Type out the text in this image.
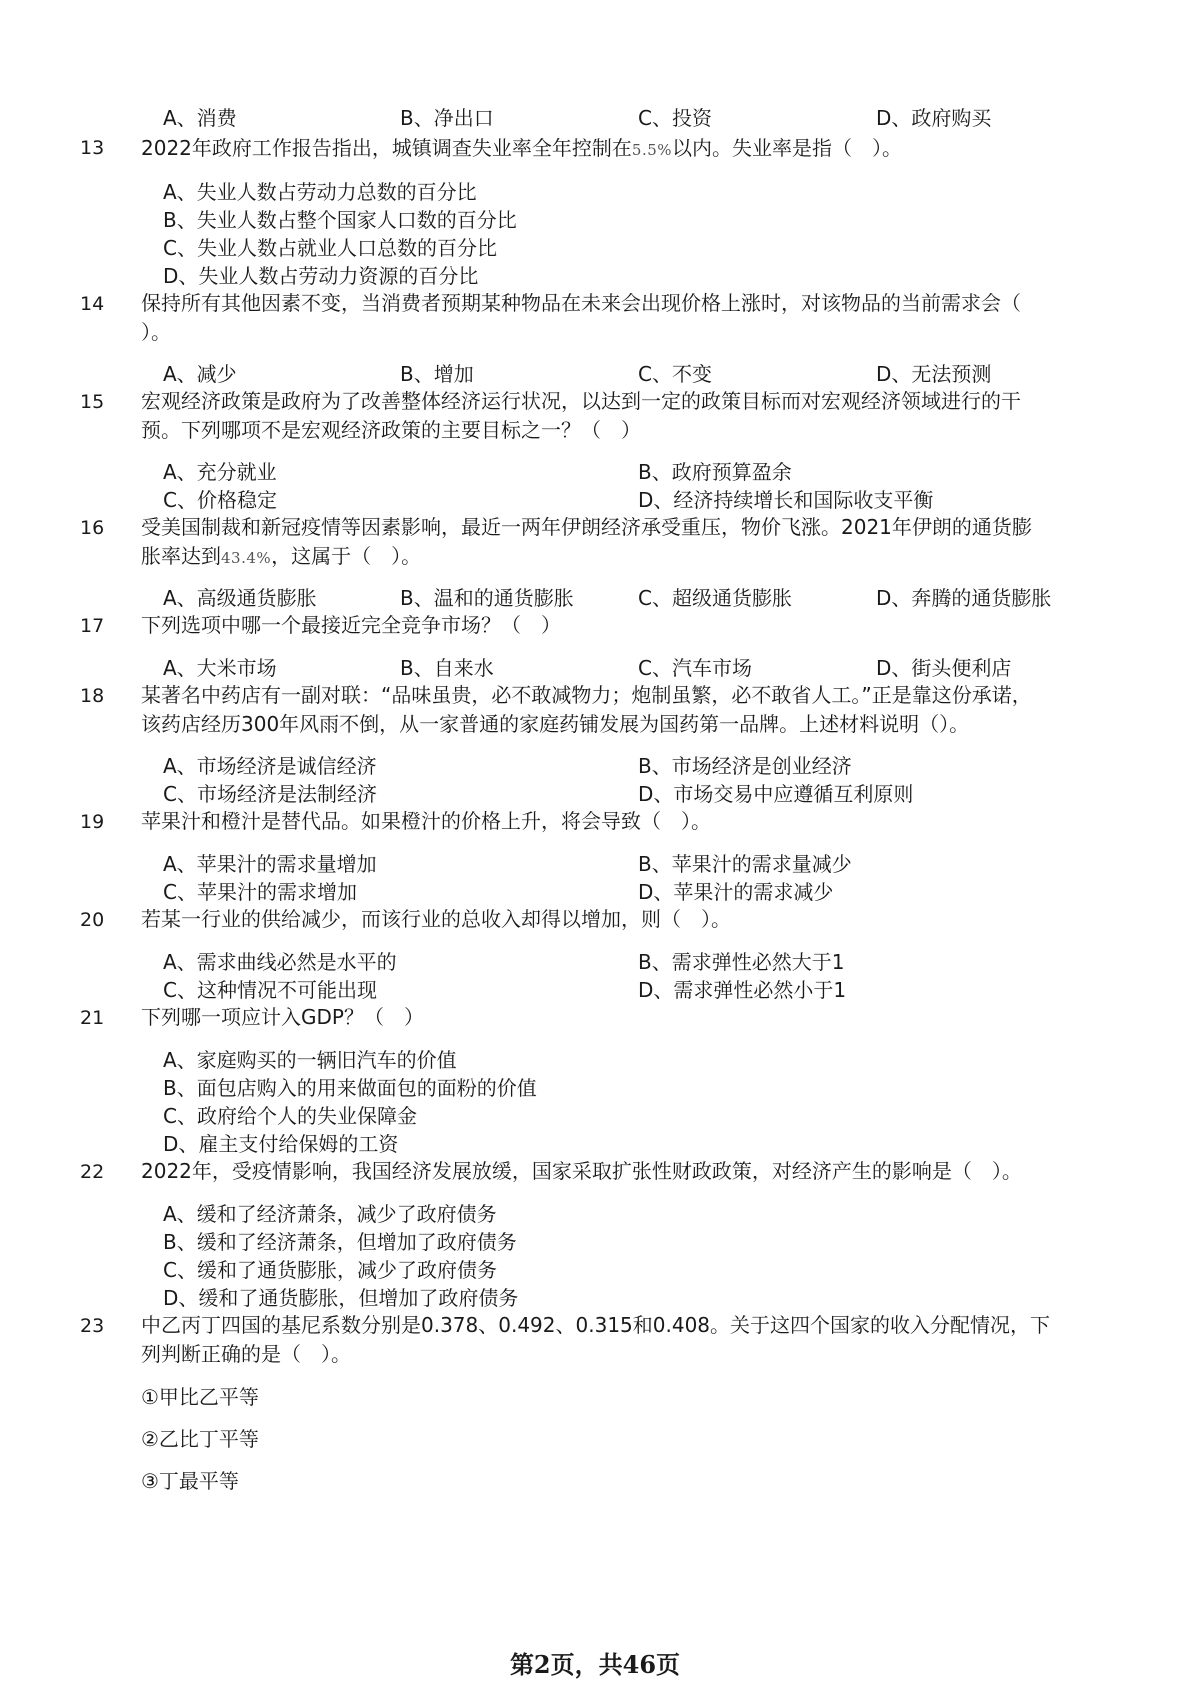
A、消费	B、净出口	C、投资	D、政府购买
13 2022年政府工作报告指出，城镇调查失业率全年控制在5.5%以内。失业率是指（　）。
A、失业人数占劳动力总数的百分比
B、失业人数占整个国家人口数的百分比
C、失业人数占就业人口总数的百分比
D、失业人数占劳动力资源的百分比
14 保持所有其他因素不变，当消费者预期某种物品在未来会出现价格上涨时，对该物品的当前需求会（
）。
A、减少	B、增加	C、不变	D、无法预测
15 宏观经济政策是政府为了改善整体经济运行状况，以达到一定的政策目标而对宏观经济领域进行的干
预。下列哪项不是宏观经济政策的主要目标之一？（　）
A、充分就业	B、政府预算盈余
C、价格稳定	D、经济持续增长和国际收支平衡
16 受美国制裁和新冠疫情等因素影响，最近一两年伊朗经济承受重压，物价飞涨。2021年伊朗的通货膨
胀率达到43.4%，这属于（　）。
A、高级通货膨胀	B、温和的通货膨胀	C、超级通货膨胀	D、奔腾的通货膨胀
17 下列选项中哪一个最接近完全竞争市场？（　）
A、大米市场	B、自来水	C、汽车市场	D、街头便利店
18 某著名中药店有一副对联：“品味虽贵，必不敢减物力；炮制虽繁，必不敢省人工。”正是靠这份承诺，
该药店经历300年风雨不倒，从一家普通的家庭药铺发展为国药第一品牌。上述材料说明（）。
A、市场经济是诚信经济	B、市场经济是创业经济
C、市场经济是法制经济	D、市场交易中应遵循互利原则
19 苹果汁和橙汁是替代品。如果橙汁的价格上升，将会导致（　）。
A、苹果汁的需求量增加	B、苹果汁的需求量减少
C、苹果汁的需求增加	D、苹果汁的需求减少
20 若某一行业的供给减少，而该行业的总收入却得以增加，则（　）。
A、需求曲线必然是水平的	B、需求弹性必然大于1
C、这种情况不可能出现	D、需求弹性必然小于1
21 下列哪一项应计入GDP？（　）
A、家庭购买的一辆旧汽车的价值
B、面包店购入的用来做面包的面粉的价值
C、政府给个人的失业保障金
D、雇主支付给保姆的工资
22 2022年，受疫情影响，我国经济发展放缓，国家采取扩张性财政政策，对经济产生的影响是（　）。
A、缓和了经济萧条，减少了政府债务
B、缓和了经济萧条，但增加了政府债务
C、缓和了通货膨胀，减少了政府债务
D、缓和了通货膨胀，但增加了政府债务
23 中乙丙丁四国的基尼系数分别是0.378、0.492、0.315和0.408。关于这四个国家的收入分配情况，下
列判断正确的是（　）。
①甲比乙平等
②乙比丁平等
③丁最平等
第2页，共46页
